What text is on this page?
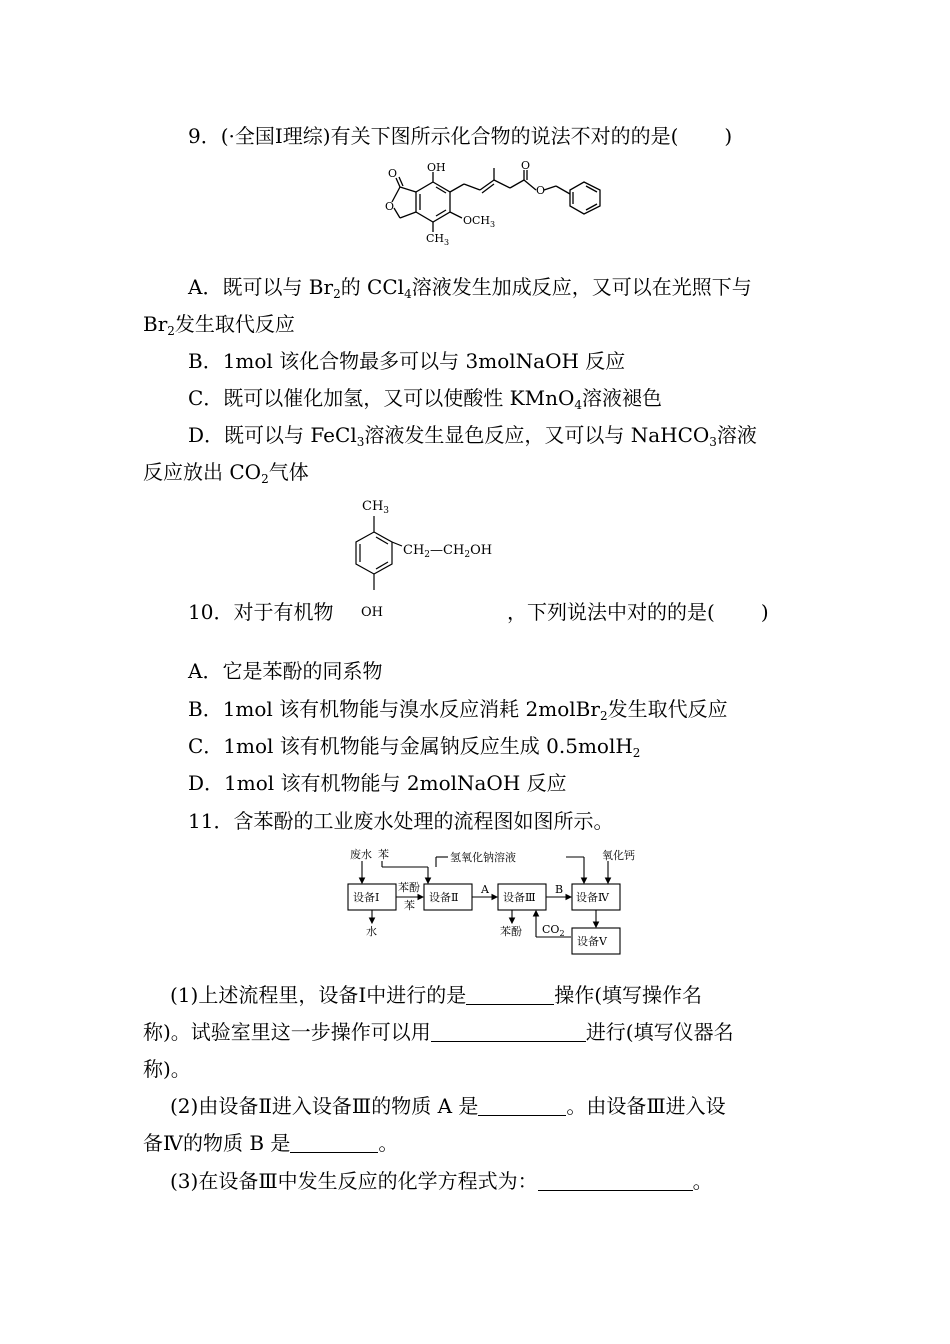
9．(·全国Ⅰ理综)有关下图所示化合物的说法不对的的是( )
OH
O
O
$OCH_3$
$CH_3$
O
O
A．既可以与 $Br_2$的 CCl$_4$溶液发生加成反应，又可以在光照下与
$Br_2$发生取代反应
B．1mol 该化合物最多可以与 3molNaOH 反应
C．既可以催化加氢，又可以使酸性 KMnO$_4$溶液褪色
D．既可以与 FeCl$_3$溶液发生显色反应，又可以与 NaHCO$_3$溶液
反应放出 $CO_2$气体
$CH_3$
$CH_2—CH_2OH$
OH
10．对于有机物	，下列说法中对的的是( )
A．它是苯酚的同系物
B．1mol 该有机物能与溴水反应消耗 2molBr$_2$发生取代反应
C．1mol 该有机物能与金属钠反应生成 0.5molH$_2$
D．1mol 该有机物能与 2molNaOH 反应
11．含苯酚的工业废水处理的流程图如图所示。
废水 苯	氢氧化钠溶液	氧化钙
设备Ⅰ	设备Ⅱ	设备Ⅲ	设备Ⅳ
设备Ⅴ
苯酚
苯
A	B
水	苯酚 $CO_2$
(1)上述流程里，设备Ⅰ中进行的是	操作(填写操作名
称)。试验室里这一步操作可以用	进行(填写仪器名
称)。
(2)由设备Ⅱ进入设备Ⅲ的物质 A 是	。由设备Ⅲ进入设
备Ⅳ的物质 B 是	。
(3)在设备Ⅲ中发生反应的化学方程式为：	。
